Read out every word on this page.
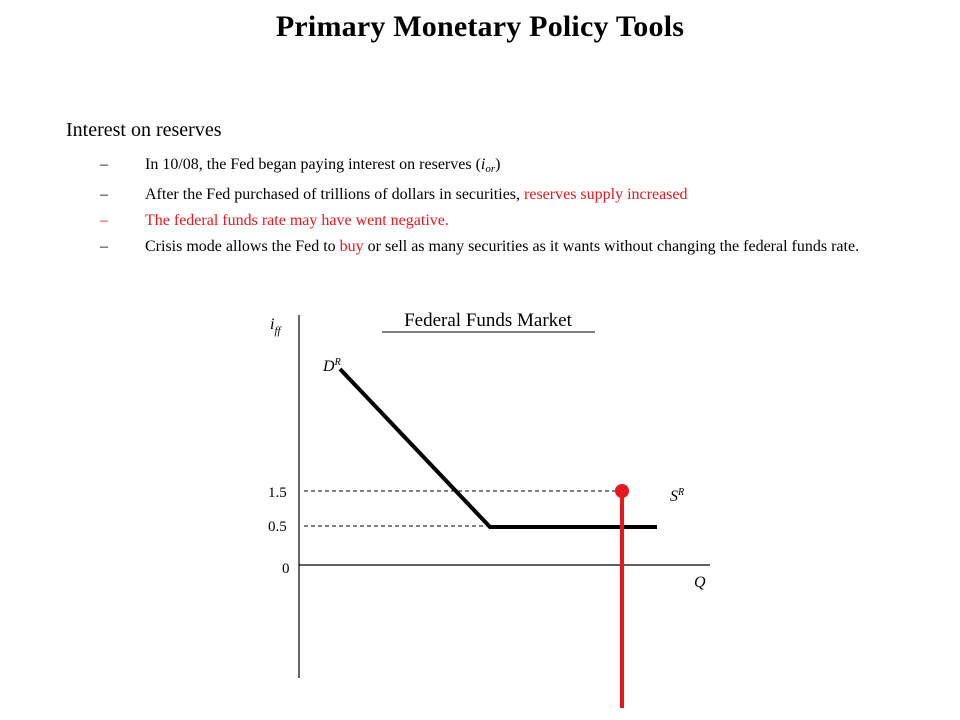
Primary Monetary Policy Tools
Interest on reserves
–	In 10/08, the Fed began paying interest on reserves $(i_{or})$
–	After the Fed purchased of trillions of dollars in securities, reserves supply increased
–	The federal funds rate may have went negative.
–	Crisis mode allows the Fed to buy or sell as many securities as it wants without changing the federal funds rate.
Federal Funds Market
$i_{ff}$
Q
1.5
0.5
0
$D^R$
$S^R$
